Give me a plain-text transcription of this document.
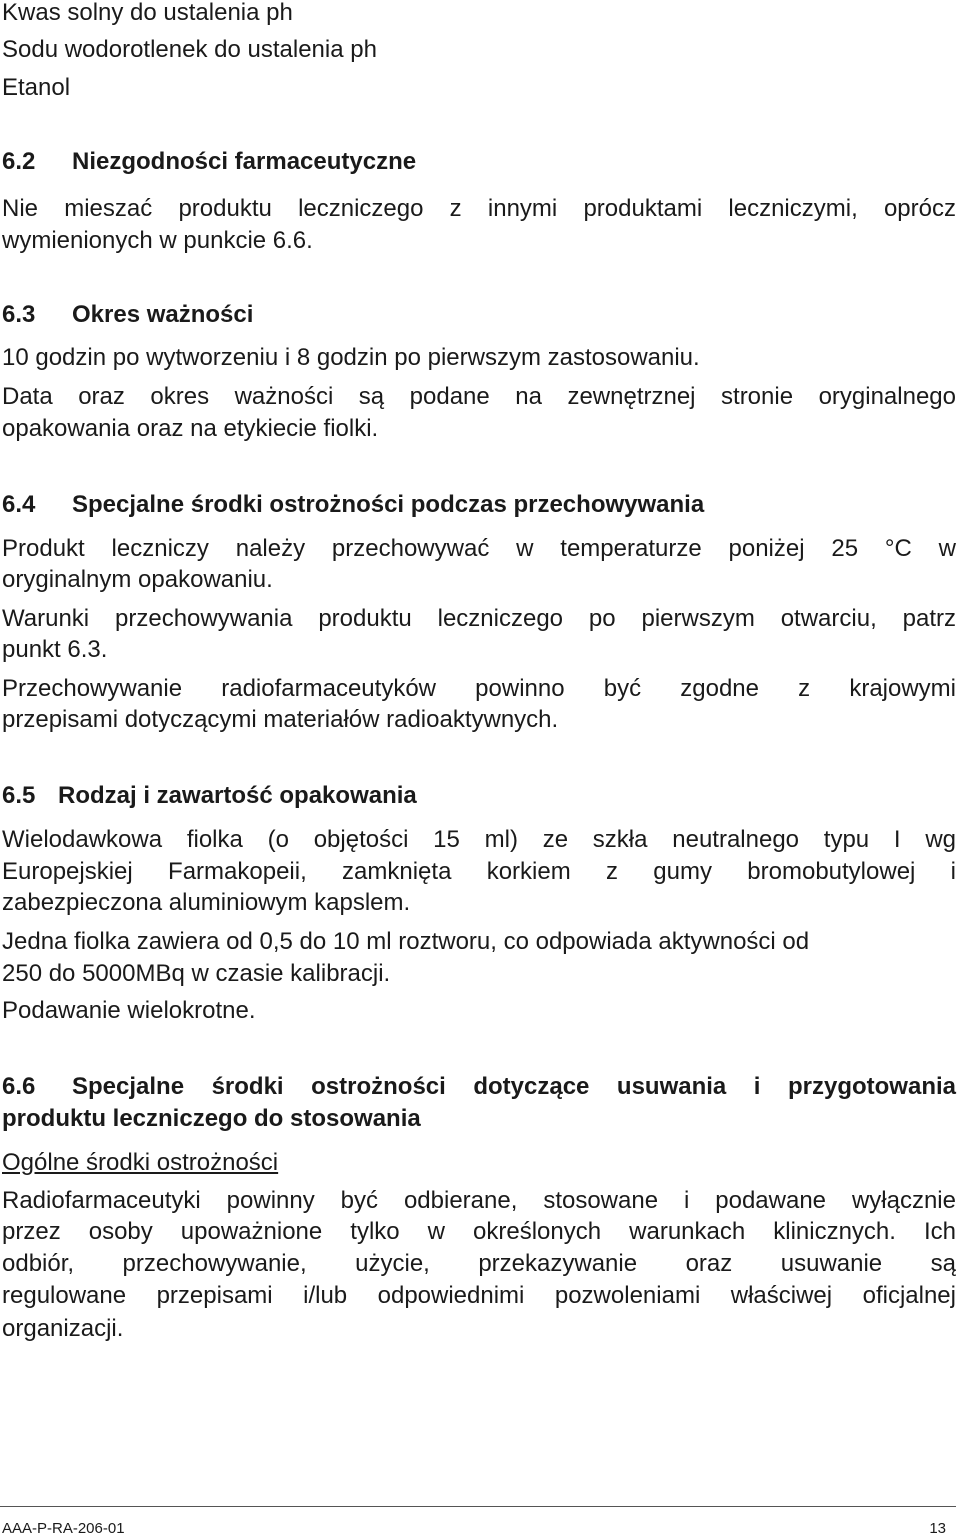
Kwas solny do ustalenia ph

Sodu wodorotlenek do ustalenia ph

Etanol

6.2 Niezgodności farmaceutyczne

Nie mieszać produktu leczniczego z innymi produktami leczniczymi, oprócz

wymienionych w punkcie 6.6.

6.3 Okres ważności

10 godzin po wytworzeniu i 8 godzin po pierwszym zastosowaniu.

Data oraz okres ważności są podane na zewnętrznej stronie oryginalnego

opakowania oraz na etykiecie fiolki.

6.4 Specjalne środki ostrożności podczas przechowywania

Produkt leczniczy należy przechowywać w temperaturze poniżej 25 °C w

oryginalnym opakowaniu.

Warunki przechowywania produktu leczniczego po pierwszym otwarciu, patrz

punkt 6.3.

Przechowywanie radiofarmaceutyków powinno być zgodne z krajowymi

przepisami dotyczącymi materiałów radioaktywnych.

6.5 Rodzaj i zawartość opakowania

Wielodawkowa fiolka (o objętości 15 ml) ze szkła neutralnego typu I wg

Europejskiej Farmakopeii, zamknięta korkiem z gumy bromobutylowej i

zabezpieczona aluminiowym kapslem.

Jedna fiolka zawiera od 0,5 do 10 ml roztworu, co odpowiada aktywności od

250 do 5000MBq w czasie kalibracji.

Podawanie wielokrotne.

6.6 Specjalne środki ostrożności dotyczące usuwania i przygotowania

produktu leczniczego do stosowania

Ogólne środki ostrożności

Radiofarmaceutyki powinny być odbierane, stosowane i podawane wyłącznie

przez osoby upoważnione tylko w określonych warunkach klinicznych. Ich

odbiór, przechowywanie, użycie, przekazywanie oraz usuwanie są

regulowane przepisami i/lub odpowiednimi pozwoleniami właściwej oficjalnej

organizacji.

AAA-P-RA-206-01	13
